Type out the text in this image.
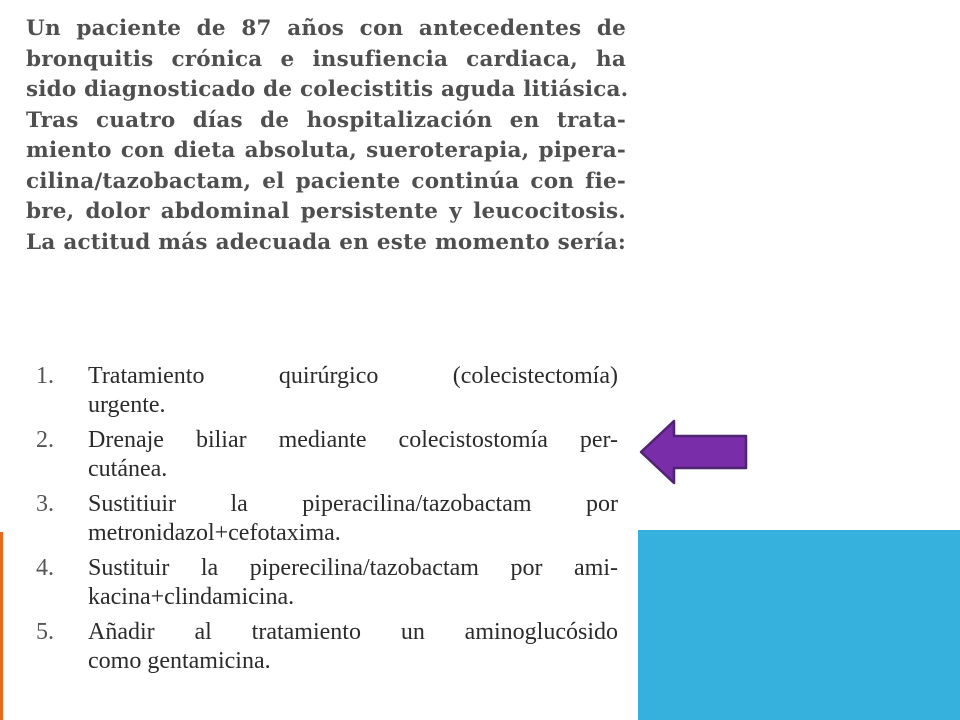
Un paciente de 87 años con antecedentes de
bronquitis crónica e insufiencia cardiaca, ha
sido diagnosticado de colecistitis aguda litiásica.
Tras cuatro días de hospitalización en trata-
miento con dieta absoluta, sueroterapia, pipera-
cilina/tazobactam, el paciente continúa con fie-
bre, dolor abdominal persistente y leucocitosis.
La actitud más adecuada en este momento sería:
1. Tratamiento quirúrgico (colecistectomía)
urgente.
2. Drenaje biliar mediante colecistostomía per-
cutánea.
3. Sustitiuir la piperacilina/tazobactam por
metronidazol+cefotaxima.
4. Sustituir la piperecilina/tazobactam por ami-
kacina+clindamicina.
5. Añadir al tratamiento un aminoglucósido
como gentamicina.
